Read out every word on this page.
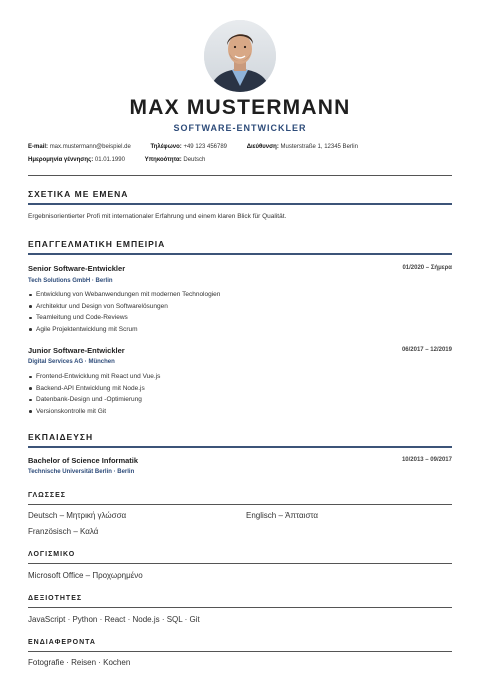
MAX MUSTERMANN
SOFTWARE-ENTWICKLER
E-mail: max.mustermann@beispiel.de	Τηλέφωνο: +49 123 456789	Διεύθυνση: Musterstraße 1, 12345 Berlin
Ημερομηνία γέννησης: 01.01.1990	Υπηκοότητα: Deutsch
ΣΧΕΤΙΚΑ ΜΕ ΕΜΕΝΑ
Ergebnisorientierter Profi mit internationaler Erfahrung und einem klaren Blick für Qualität.
ΕΠΑΓΓΕΛΜΑΤΙΚΗ ΕΜΠΕΙΡΙΑ
Senior Software-Entwickler	01/2020 – Σήμερα
Tech Solutions GmbH · Berlin
Entwicklung von Webanwendungen mit modernen Technologien
Architektur und Design von Softwarelösungen
Teamleitung und Code-Reviews
Agile Projektentwicklung mit Scrum
Junior Software-Entwickler	06/2017 – 12/2019
Digital Services AG · München
Frontend-Entwicklung mit React und Vue.js
Backend-API Entwicklung mit Node.js
Datenbank-Design und -Optimierung
Versionskontrolle mit Git
ΕΚΠΑΙΔΕΥΣΗ
Bachelor of Science Informatik	10/2013 – 09/2017
Technische Universität Berlin · Berlin
ΓΛΩΣΣΕΣ
Deutsch – Μητρική γλώσσα	Englisch – Άπταιστα
Französisch – Καλά
ΛΟΓΙΣΜΙΚΟ
Microsoft Office – Προχωρημένο
ΔΕΞΙΟΤΗΤΕΣ
JavaScript · Python · React · Node.js · SQL · Git
ΕΝΔΙΑΦΕΡΟΝΤΑ
Fotografie · Reisen · Kochen
